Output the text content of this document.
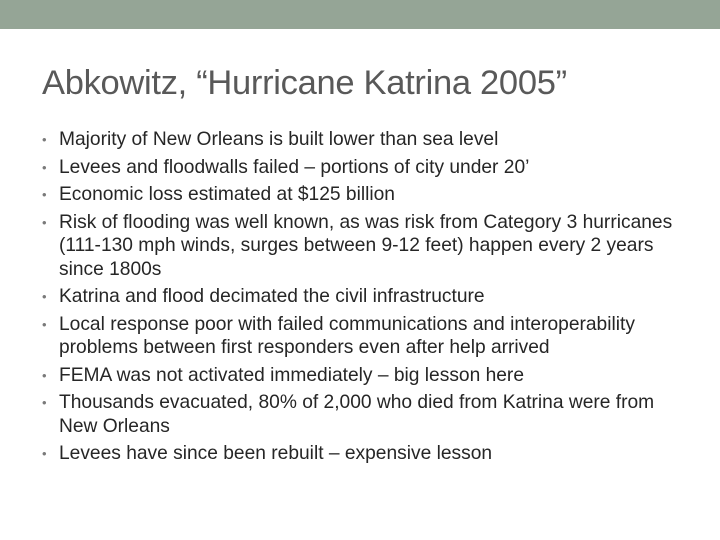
Abkowitz, “Hurricane Katrina 2005”
• Majority of New Orleans is built lower than sea level
• Levees and floodwalls failed – portions of city under 20’
• Economic loss estimated at $125 billion
• Risk of flooding was well known, as was risk from Category 3 hurricanes (111-130 mph winds, surges between 9-12 feet) happen every 2 years since 1800s
• Katrina and flood decimated the civil infrastructure
• Local response poor with failed communications and interoperability problems between first responders even after help arrived
• FEMA was not activated immediately – big lesson here
• Thousands evacuated, 80% of 2,000 who died from Katrina were from New Orleans
• Levees have since been rebuilt – expensive lesson
